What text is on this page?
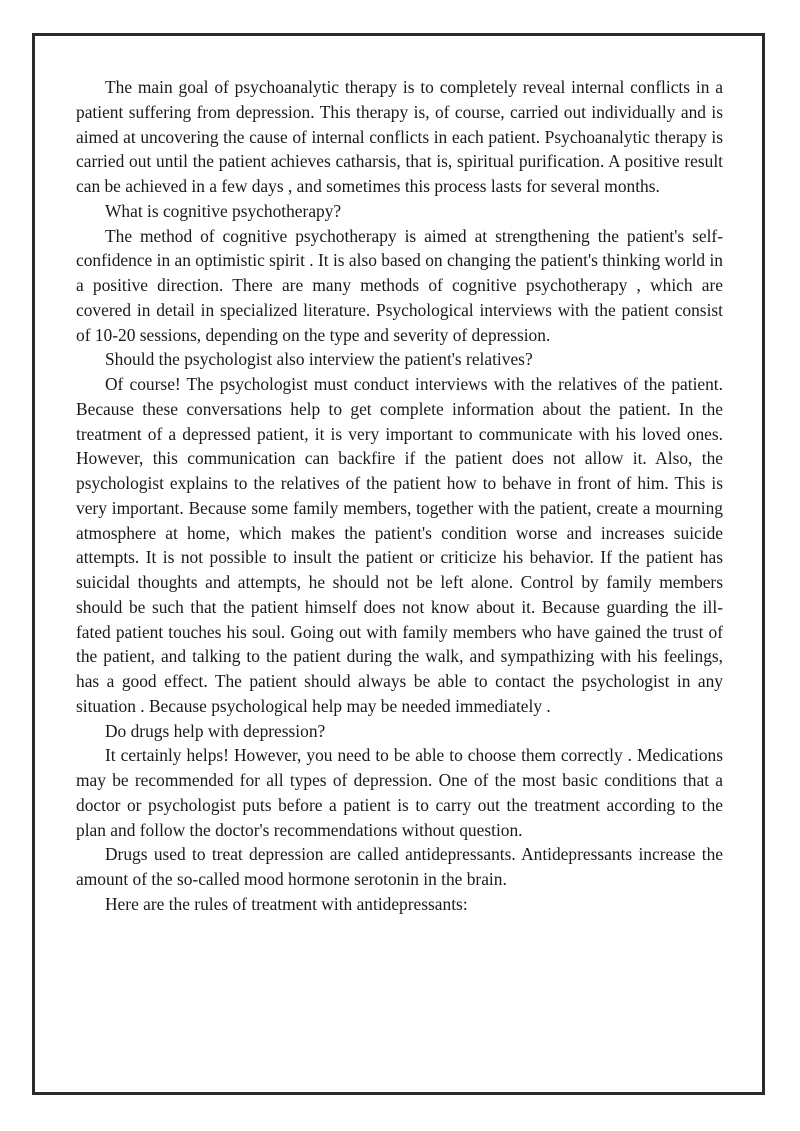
The main goal of psychoanalytic therapy is to completely reveal internal conflicts in a patient suffering from depression. This therapy is, of course, carried out individually and is aimed at uncovering the cause of internal conflicts in each patient. Psychoanalytic therapy is carried out until the patient achieves catharsis, that is, spiritual purification. A positive result can be achieved in a few days , and sometimes this process lasts for several months.

What is cognitive psychotherapy?

The method of cognitive psychotherapy is aimed at strengthening the patient's self-confidence in an optimistic spirit . It is also based on changing the patient's thinking world in a positive direction. There are many methods of cognitive psychotherapy , which are covered in detail in specialized literature. Psychological interviews with the patient consist of 10-20 sessions, depending on the type and severity of depression.

Should the psychologist also interview the patient's relatives?

Of course! The psychologist must conduct interviews with the relatives of the patient. Because these conversations help to get complete information about the patient. In the treatment of a depressed patient, it is very important to communicate with his loved ones. However, this communication can backfire if the patient does not allow it. Also, the psychologist explains to the relatives of the patient how to behave in front of him. This is very important. Because some family members, together with the patient, create a mourning atmosphere at home, which makes the patient's condition worse and increases suicide attempts. It is not possible to insult the patient or criticize his behavior. If the patient has suicidal thoughts and attempts, he should not be left alone. Control by family members should be such that the patient himself does not know about it. Because guarding the ill-fated patient touches his soul. Going out with family members who have gained the trust of the patient, and talking to the patient during the walk, and sympathizing with his feelings, has a good effect. The patient should always be able to contact the psychologist in any situation . Because psychological help may be needed immediately .

Do drugs help with depression?

It certainly helps! However, you need to be able to choose them correctly . Medications may be recommended for all types of depression. One of the most basic conditions that a doctor or psychologist puts before a patient is to carry out the treatment according to the plan and follow the doctor's recommendations without question.

Drugs used to treat depression are called antidepressants. Antidepressants increase the amount of the so-called mood hormone serotonin in the brain.

Here are the rules of treatment with antidepressants:
